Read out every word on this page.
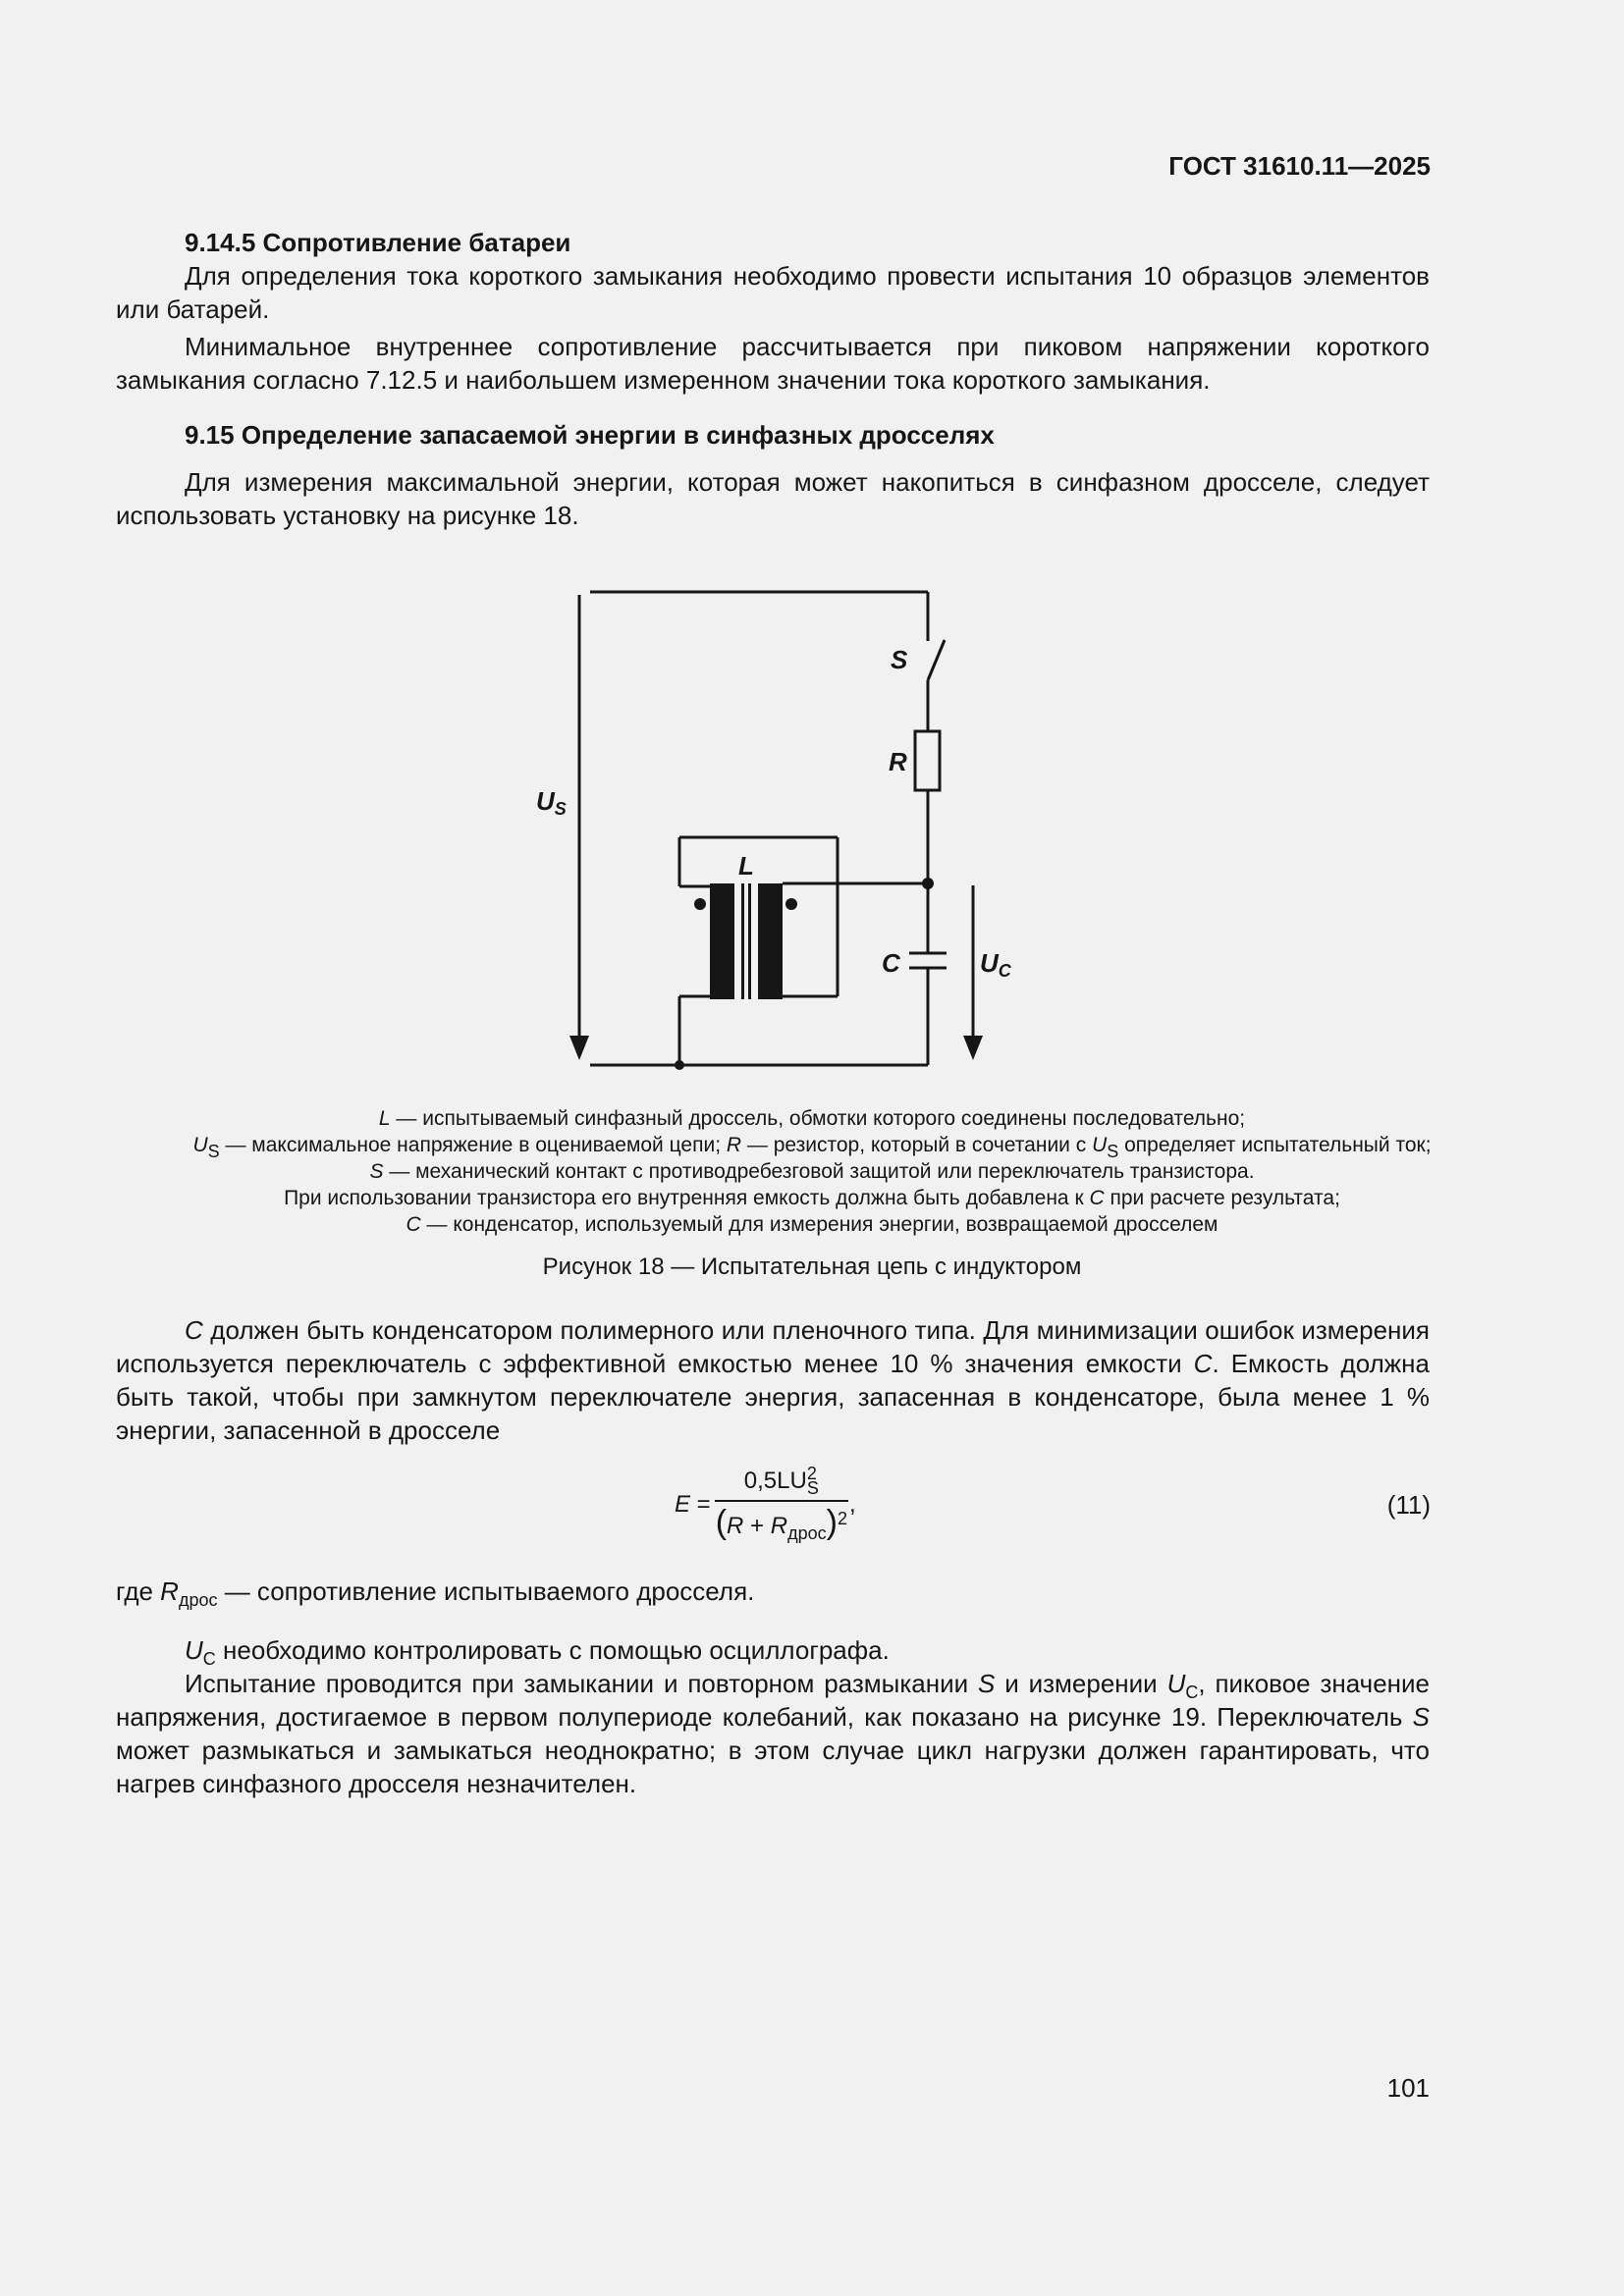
ГОСТ 31610.11—2025

9.14.5 Сопротивление батареи

Для определения тока короткого замыкания необходимо провести испытания 10 образцов элементов или батарей.

Минимальное внутреннее сопротивление рассчитывается при пиковом напряжении короткого замыкания согласно 7.12.5 и наибольшем измеренном значении тока короткого замыкания.

9.15 Определение запасаемой энергии в синфазных дросселях

Для измерения максимальной энергии, которая может накопиться в синфазном дросселе, следует использовать установку на рисунке 18.

S
R
L
C
US
UC
L — испытываемый синфазный дроссель, обмотки которого соединены последовательно;
$U_S$ — максимальное напряжение в оцениваемой цепи; R — резистор, который в сочетании с $U_S$ определяет испытательный ток;
S — механический контакт с противодребезговой защитой или переключатель транзистора.
При использовании транзистора его внутренняя емкость должна быть добавлена к C при расчете результата;
C — конденсатор, используемый для измерения энергии, возвращаемой дросселем
Рисунок 18 — Испытательная цепь с индуктором

C должен быть конденсатором полимерного или пленочного типа. Для минимизации ошибок измерения используется переключатель с эффективной емкостью менее 10 % значения емкости C. Емкость должна быть такой, чтобы при замкнутом переключателе энергия, запасенная в конденсаторе, была менее 1 % энергии, запасенной в дросселе

E =	$0,5LU^2_S$	,
$(R + R_{дрос})^2$	(11)

где $R_{дрос}$ — сопротивление испытываемого дросселя.

$U_C$ необходимо контролировать с помощью осциллографа.

Испытание проводится при замыкании и повторном размыкании S и измерении $U_C$, пиковое значение напряжения, достигаемое в первом полупериоде колебаний, как показано на рисунке 19. Переключатель S может размыкаться и замыкаться неоднократно; в этом случае цикл нагрузки должен гарантировать, что нагрев синфазного дросселя незначителен.

101
